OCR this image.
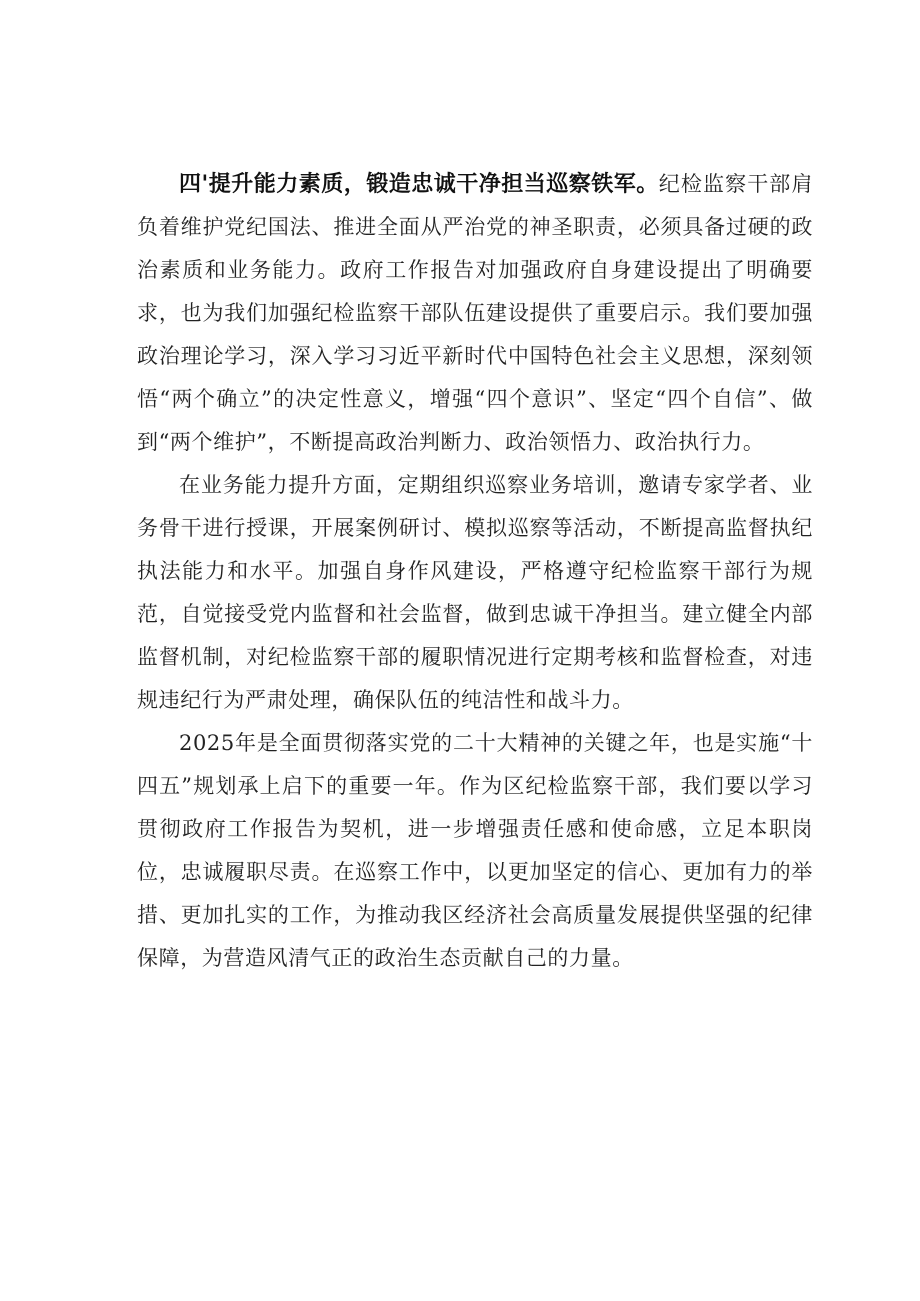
四'提升能力素质，锻造忠诚干净担当巡察铁军。纪检监察干部肩负着维护党纪国法、推进全面从严治党的神圣职责，必须具备过硬的政治素质和业务能力。政府工作报告对加强政府自身建设提出了明确要求，也为我们加强纪检监察干部队伍建设提供了重要启示。我们要加强政治理论学习，深入学习习近平新时代中国特色社会主义思想，深刻领悟“两个确立”的决定性意义，增强“四个意识”、坚定“四个自信”、做到“两个维护”，不断提高政治判断力、政治领悟力、政治执行力。

在业务能力提升方面，定期组织巡察业务培训，邀请专家学者、业务骨干进行授课，开展案例研讨、模拟巡察等活动，不断提高监督执纪执法能力和水平。加强自身作风建设，严格遵守纪检监察干部行为规范，自觉接受党内监督和社会监督，做到忠诚干净担当。建立健全内部监督机制，对纪检监察干部的履职情况进行定期考核和监督检查，对违规违纪行为严肃处理，确保队伍的纯洁性和战斗力。

2025年是全面贯彻落实党的二十大精神的关键之年，也是实施“十四五”规划承上启下的重要一年。作为区纪检监察干部，我们要以学习贯彻政府工作报告为契机，进一步增强责任感和使命感，立足本职岗位，忠诚履职尽责。在巡察工作中，以更加坚定的信心、更加有力的举措、更加扎实的工作，为推动我区经济社会高质量发展提供坚强的纪律保障，为营造风清气正的政治生态贡献自己的力量。
